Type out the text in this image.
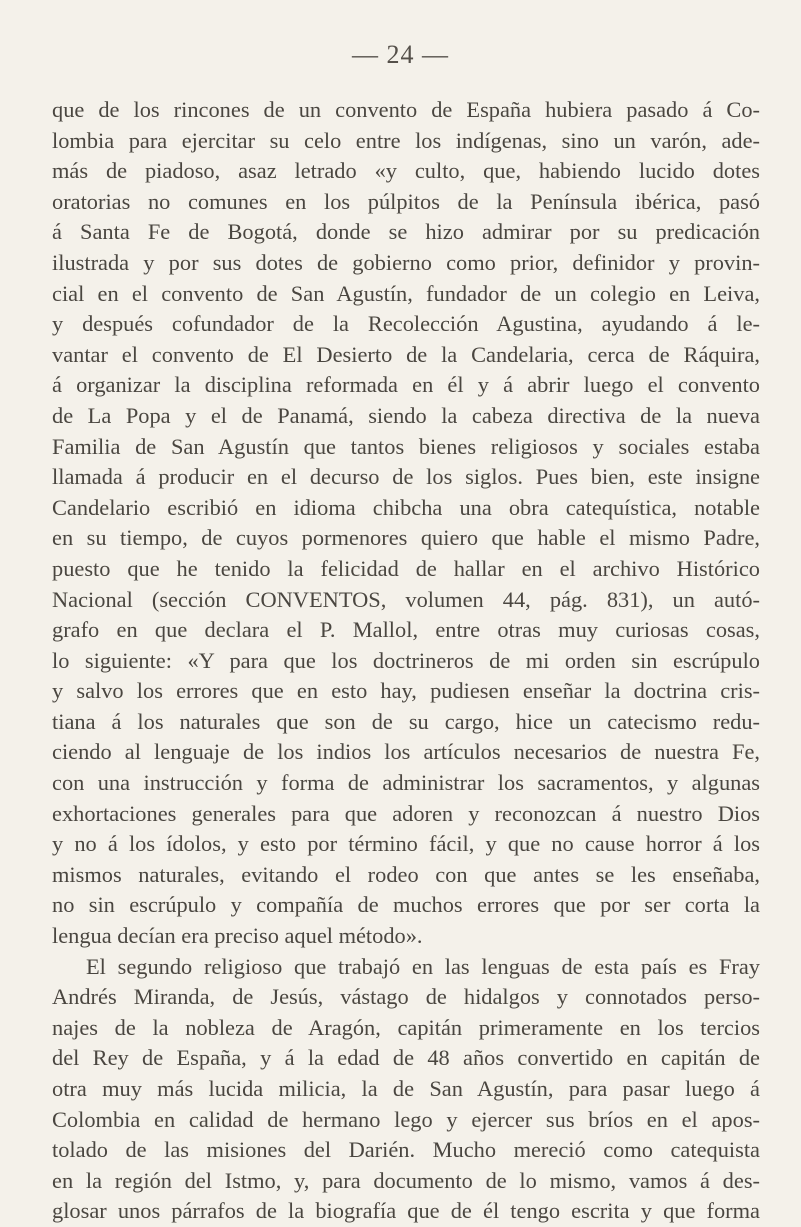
— 24 —
que de los rincones de un convento de España hubiera pasado á Co-
lombia para ejercitar su celo entre los indígenas, sino un varón, ade-
más de piadoso, asaz letrado «y culto, que, habiendo lucido dotes
oratorias no comunes en los púlpitos de la Península ibérica, pasó
á Santa Fe de Bogotá, donde se hizo admirar por su predicación
ilustrada y por sus dotes de gobierno como prior, definidor y provin-
cial en el convento de San Agustín, fundador de un colegio en Leiva,
y después cofundador de la Recolección Agustina, ayudando á le-
vantar el convento de El Desierto de la Candelaria, cerca de Ráquira,
á organizar la disciplina reformada en él y á abrir luego el convento
de La Popa y el de Panamá, siendo la cabeza directiva de la nueva
Familia de San Agustín que tantos bienes religiosos y sociales estaba
llamada á producir en el decurso de los siglos. Pues bien, este insigne
Candelario escribió en idioma chibcha una obra catequística, notable
en su tiempo, de cuyos pormenores quiero que hable el mismo Padre,
puesto que he tenido la felicidad de hallar en el archivo Histórico
Nacional (sección CONVENTOS, volumen 44, pág. 831), un autó-
grafo en que declara el P. Mallol, entre otras muy curiosas cosas,
lo siguiente: «Y para que los doctrineros de mi orden sin escrúpulo
y salvo los errores que en esto hay, pudiesen enseñar la doctrina cris-
tiana á los naturales que son de su cargo, hice un catecismo redu-
ciendo al lenguaje de los indios los artículos necesarios de nuestra Fe,
con una instrucción y forma de administrar los sacramentos, y algunas
exhortaciones generales para que adoren y reconozcan á nuestro Dios
y no á los ídolos, y esto por término fácil, y que no cause horror á los
mismos naturales, evitando el rodeo con que antes se les enseñaba,
no sin escrúpulo y compañía de muchos errores que por ser corta la
lengua decían era preciso aquel método».
El segundo religioso que trabajó en las lenguas de esta país es Fray
Andrés Miranda, de Jesús, vástago de hidalgos y connotados perso-
najes de la nobleza de Aragón, capitán primeramente en los tercios
del Rey de España, y á la edad de 48 años convertido en capitán de
otra muy más lucida milicia, la de San Agustín, para pasar luego á
Colombia en calidad de hermano lego y ejercer sus bríos en el apos-
tolado de las misiones del Darién. Mucho mereció como catequista
en la región del Istmo, y, para documento de lo mismo, vamos á des-
glosar unos párrafos de la biografía que de él tengo escrita y que forma
